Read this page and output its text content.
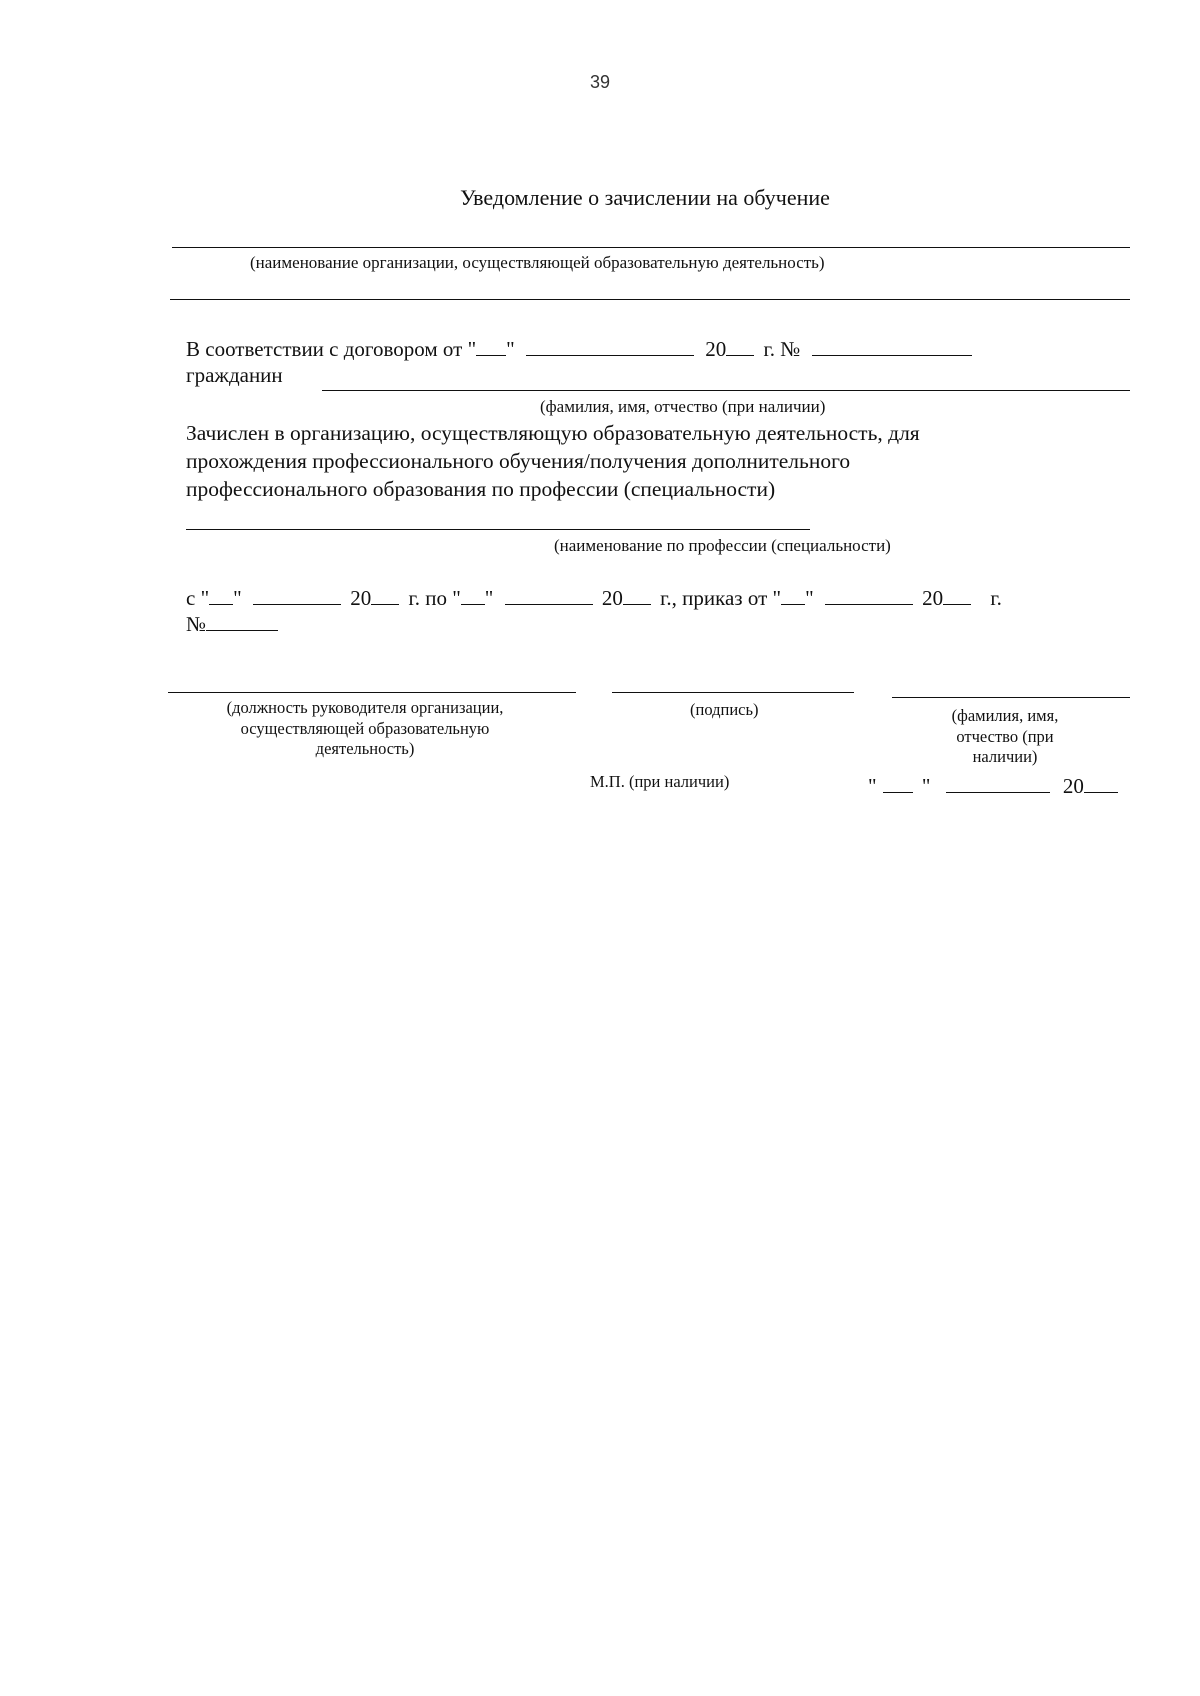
39
Уведомление о зачислении на обучение
(наименование организации, осуществляющей образовательную деятельность)
В соответствии с договором от " "	20 г. №
гражданин
(фамилия, имя, отчество (при наличии)
Зачислен в организацию, осуществляющую образовательную деятельность, для
прохождения профессионального обучения/получения дополнительного
профессионального образования по профессии (специальности)
(наименование по профессии (специальности)
с " "	20 г. по " "	20 г., приказ от " "	20 г.
№
(должность руководителя организации, осуществляющей образовательную деятельность)
(подпись)	(фамилия, имя, отчество (при наличии)
М.П. (при наличии)	" "	20
